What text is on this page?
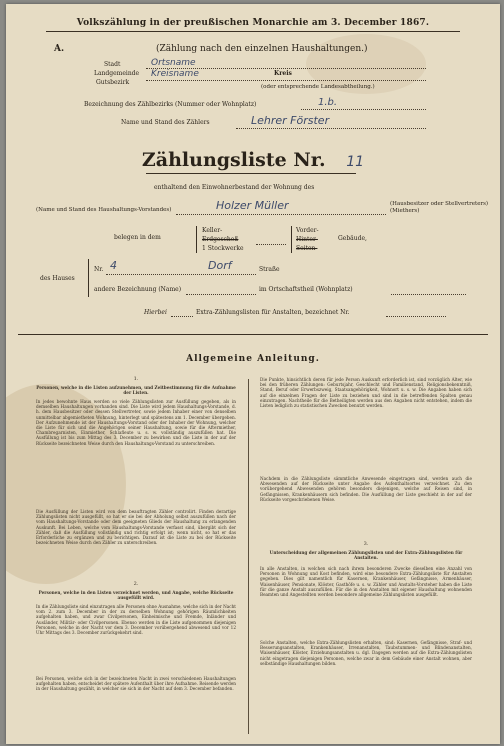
Volkszählung in der preußischen Monarchie am 3. December 1867.
A.	(Zählung nach den einzelnen Haushaltungen.)
Stadt
Landgemeinde
Gutsbezirk
Ortsname
Kreisname	Kreis
(oder entsprechende Landesabtheilung.)
Bezeichnung des Zählbezirks (Nummer oder Wohnplatz)	1.b.
Name und Stand des Zählers	Lehrer Förster
Zählungsliste Nr. 11
enthaltend den Einwohnerbestand der Wohnung des
(Name und Stand des Haushaltungs-Vorstandes)	Holzer Müller	(Hausbesitzer oder Stellvertreters) (Miethers)
belegen in dem
Keller-
Erdgeschoß
1 Stockwerke
Vorder-
Hinter-
Seiten-
Gebäude,
des Hauses
Nr. 4	Dorf	Straße
andere Bezeichnung (Name)	im Ortschaftstheil (Wohnplatz)
Hierbei	Extra-Zählungslisten für Anstalten, bezeichnet Nr.
Allgemeine Anleitung.
1.
Personen, welche in die Listen aufzunehmen, und Zeitbestimmung für die Aufnahme der Listen.
In jedes bewohnte Haus werden so viele Zählungslisten zur Ausfüllung gegeben, als in demselben Haushaltungen vorhanden sind. Die Liste wird jedem Haushaltungs-Vorstande, d. h. dem Hausbesitzer oder dessen Stellvertreter, sowie jedem Inhaber einer von denselben unmittelbar abgemietheten Wohnung, hinterlegt und spätestens am 1. December übergeben. Der Aufzunehmende ist der Haushaltungs-Vorstand oder der Inhaber der Wohnung, welcher die Liste für sich und die Angehörigen seiner Haushaltung, sowie für die Aftermiether, Chambregarnisten, Einmiether, Schlafleute u. s. w. vollständig auszufüllen hat. Die Ausfüllung ist bis zum Mittag des 3. December zu bewirken und die Liste in der auf der Rückseite bezeichneten Weise durch den Haushaltungs-Vorstand zu unterschreiben.
Die Ausfüllung der Listen wird von dem beauftragten Zähler controlirt. Finden derartige Zählungslisten nicht ausgefüllt, so hat er sie bei der Abholung selbst auszufüllen nach der vom Haushaltungs-Vorstande oder dem geeigneten Glieds der Haushaltung zu erlangenden Auskunft. Bei Leben, welche vom Haushaltungs-Vorstande verfasst sind, übergibt sich der Zähler, daß die Ausfüllung vollständig und richtig erfolgt ist; wenn nicht, so hat er das Erforderliche zu ergänzen und zu berichtigen. Darauf ist die Liste zu bei der Rückseite bezeichneten Weise durch den Zähler zu unterschreiben.
2.
Personen, welche in den Listen verzeichnet werden, und Angabe, welche Rückseite ausgefüllt wird.
In die Zählungsliste sind einzutragen alle Personen ohne Ausnahme, welche sich in der Nacht vom 2. zum 3. December in der zu derselben Wohnung gehörigen Räumlichkeiten aufgehalten haben, und zwar Civilpersonen, Einheimische und Fremde, Inländer und Ausländer, Militär- oder Civilpersonen. Ebenso werden in die Liste aufgenommen diejenigen Personen, welche in der Nacht vor dem 3. December vorübergehend abwesend und vor 12 Uhr Mittags des 3. December zurückgekehrt sind.
Bei Personen, welche sich in der bezeichneten Nacht in zwei verschiedenen Haushaltungen aufgehalten haben, entscheidet der spätere Aufenthalt über ihre Aufnahme. Reisende werden in der Haushaltung gezählt, in welcher sie sich in der Nacht auf dem 3. December befanden.
Die Punkte, hinsichtlich deren für jede Person Auskunft erforderlich ist, sind vorzüglich Alter, wie bei den früheren Zählungen: Geburtsjahr, Geschlecht und Familienstand, Religionsbekenntniß, Stand, Beruf oder Erwerbszweig, Staatsangehörigkeit, Wohnort u. s. w. Die Angaben haben sich auf die einzelnen Fragen der Liste zu beziehen und sind in die betreffenden Spalten genau einzutragen. Nachtheile für die Betheiligten werden aus den Angaben nicht entstehen, indem die Listen lediglich zu statistischen Zwecken benutzt werden.
Nachdem in die Zählungsliste sämmtliche Anwesende eingetragen sind, werden auch die Abwesenden auf der Rückseite unter Angabe des Aufenthaltsortes verzeichnet. Zu den vorübergehend Abwesenden gehören besonders diejenigen, welche auf Reisen sind, in Gefängnissen, Krankenhäusern sich befinden. Die Ausfüllung der Liste geschieht in der auf der Rückseite vorgeschriebenen Weise.
3.
Unterscheidung der allgemeinen Zählungslisten und der Extra-Zählungslisten für Anstalten.
In alle Anstalten, in welchen sich nach ihrem besonderen Zwecke dieselben eine Anzahl von Personen in Wohnung und Kost befinden, wird eine besondere Extra-Zählungsliste für Anstalten gegeben. Dies gilt namentlich für Kasernen, Krankenhäuser, Gefängnisse, Armenhäuser, Waisenhäuser, Pensionate, Klöster, Gasthöfe u. s. w. Zähler und Anstalts-Vorsteher haben die Liste für die ganze Anstalt auszufüllen. Für die in den Anstalten mit eigener Haushaltung wohnenden Beamten und Angestellten werden besondere allgemeine Zählungslisten ausgefüllt.
Solche Anstalten, welche Extra-Zählungslisten erhalten, sind: Kasernen, Gefängnisse, Straf- und Besserungsanstalten, Krankenhäuser, Irrenanstalten, Taubstummen- und Blindenanstalten, Waisenhäuser, Klöster, Erziehungsanstalten u. dgl. Dagegen werden auf die Extra-Zählungslisten nicht eingetragen diejenigen Personen, welche zwar in dem Gebäude einer Anstalt wohnen, aber selbständige Haushaltungen bilden.
